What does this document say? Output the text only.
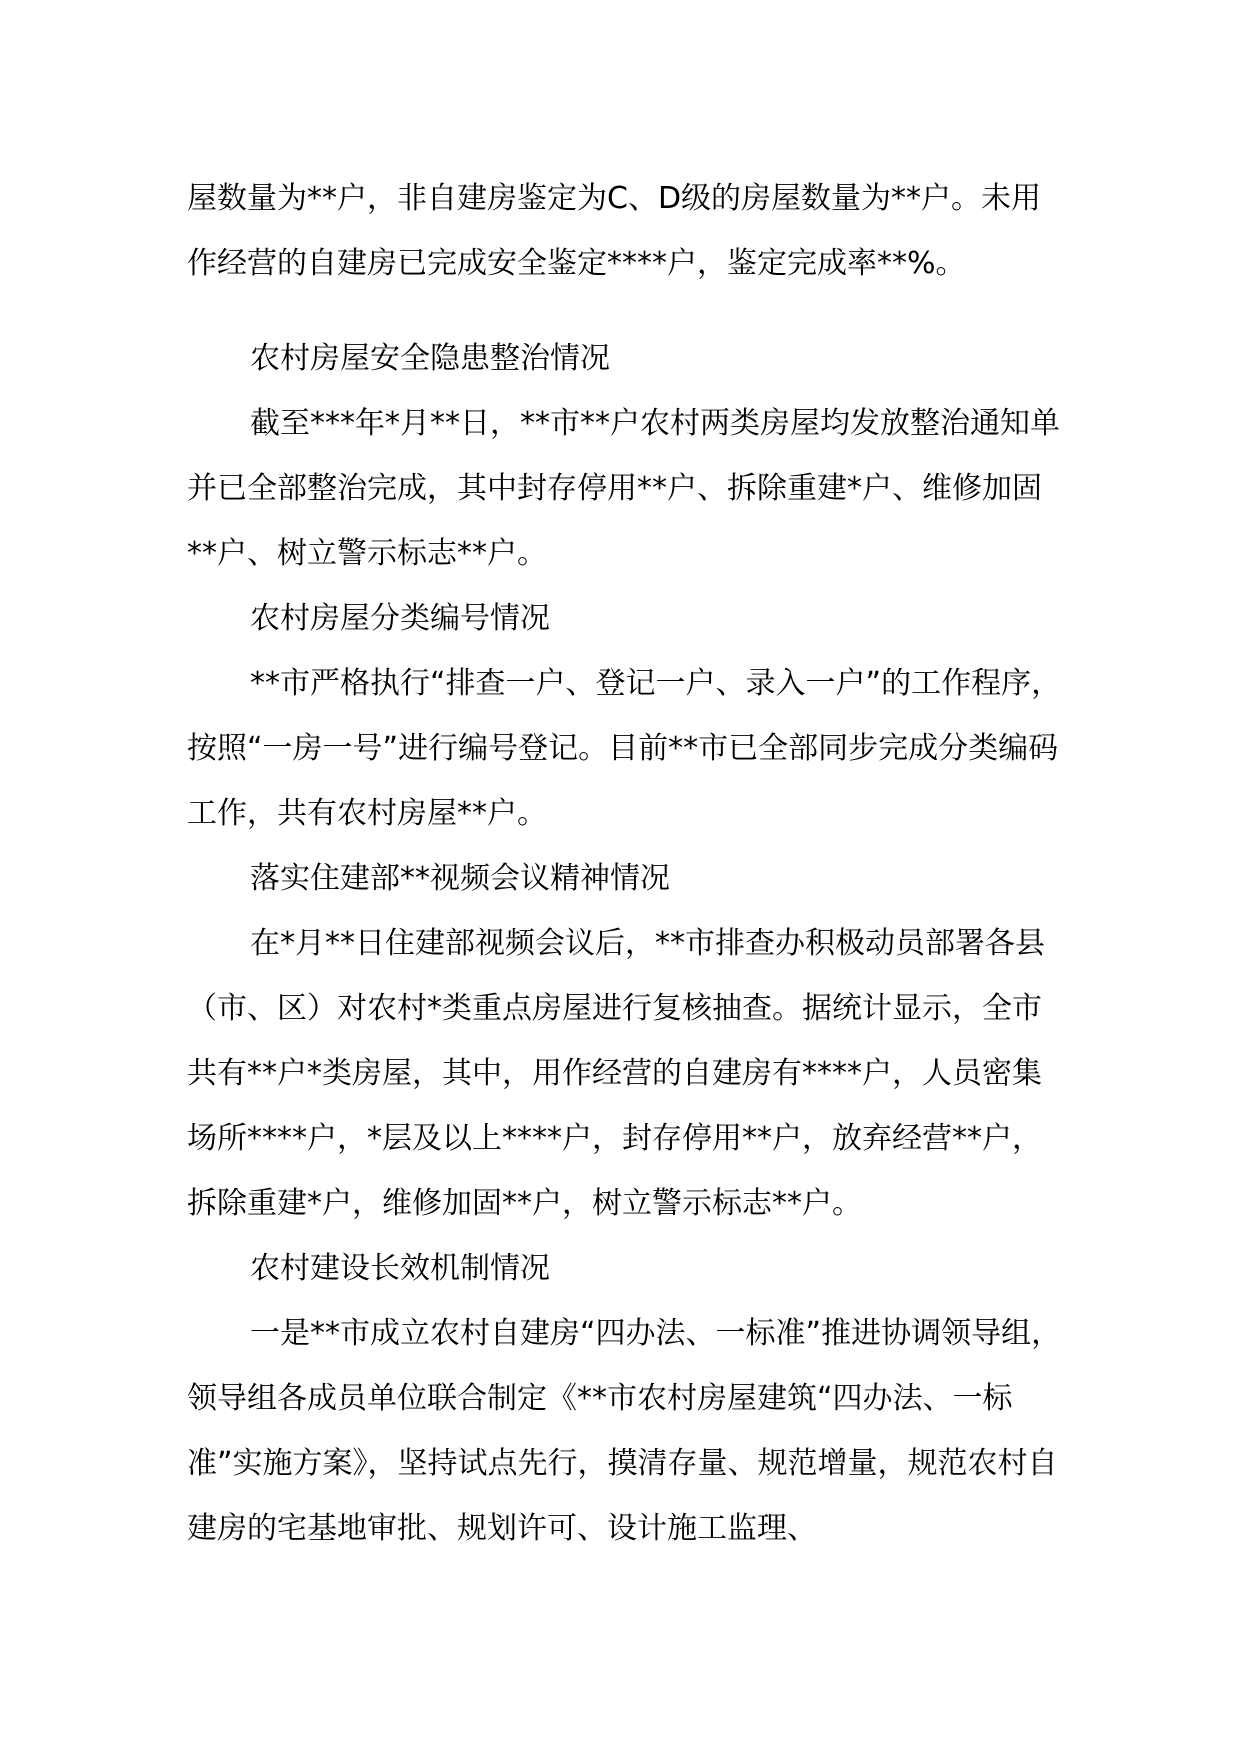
屋数量为**户，非自建房鉴定为C、D级的房屋数量为**户。未用作经营的自建房已完成安全鉴定****户，鉴定完成率**%。

农村房屋安全隐患整治情况

截至***年*月**日，**市**户农村两类房屋均发放整治通知单并已全部整治完成，其中封存停用**户、拆除重建*户、维修加固**户、树立警示标志**户。

农村房屋分类编号情况

**市严格执行“排查一户、登记一户、录入一户”的工作程序，按照“一房一号”进行编号登记。目前**市已全部同步完成分类编码工作，共有农村房屋**户。

落实住建部**视频会议精神情况

在*月**日住建部视频会议后，**市排查办积极动员部署各县（市、区）对农村*类重点房屋进行复核抽查。据统计显示，全市共有**户*类房屋，其中，用作经营的自建房有****户，人员密集场所****户，*层及以上****户，封存停用**户，放弃经营**户，拆除重建*户，维修加固**户，树立警示标志**户。

农村建设长效机制情况

一是**市成立农村自建房“四办法、一标准”推进协调领导组，领导组各成员单位联合制定《**市农村房屋建筑“四办法、一标准”实施方案》，坚持试点先行，摸清存量、规范增量，规范农村自建房的宅基地审批、规划许可、设计施工监理、
